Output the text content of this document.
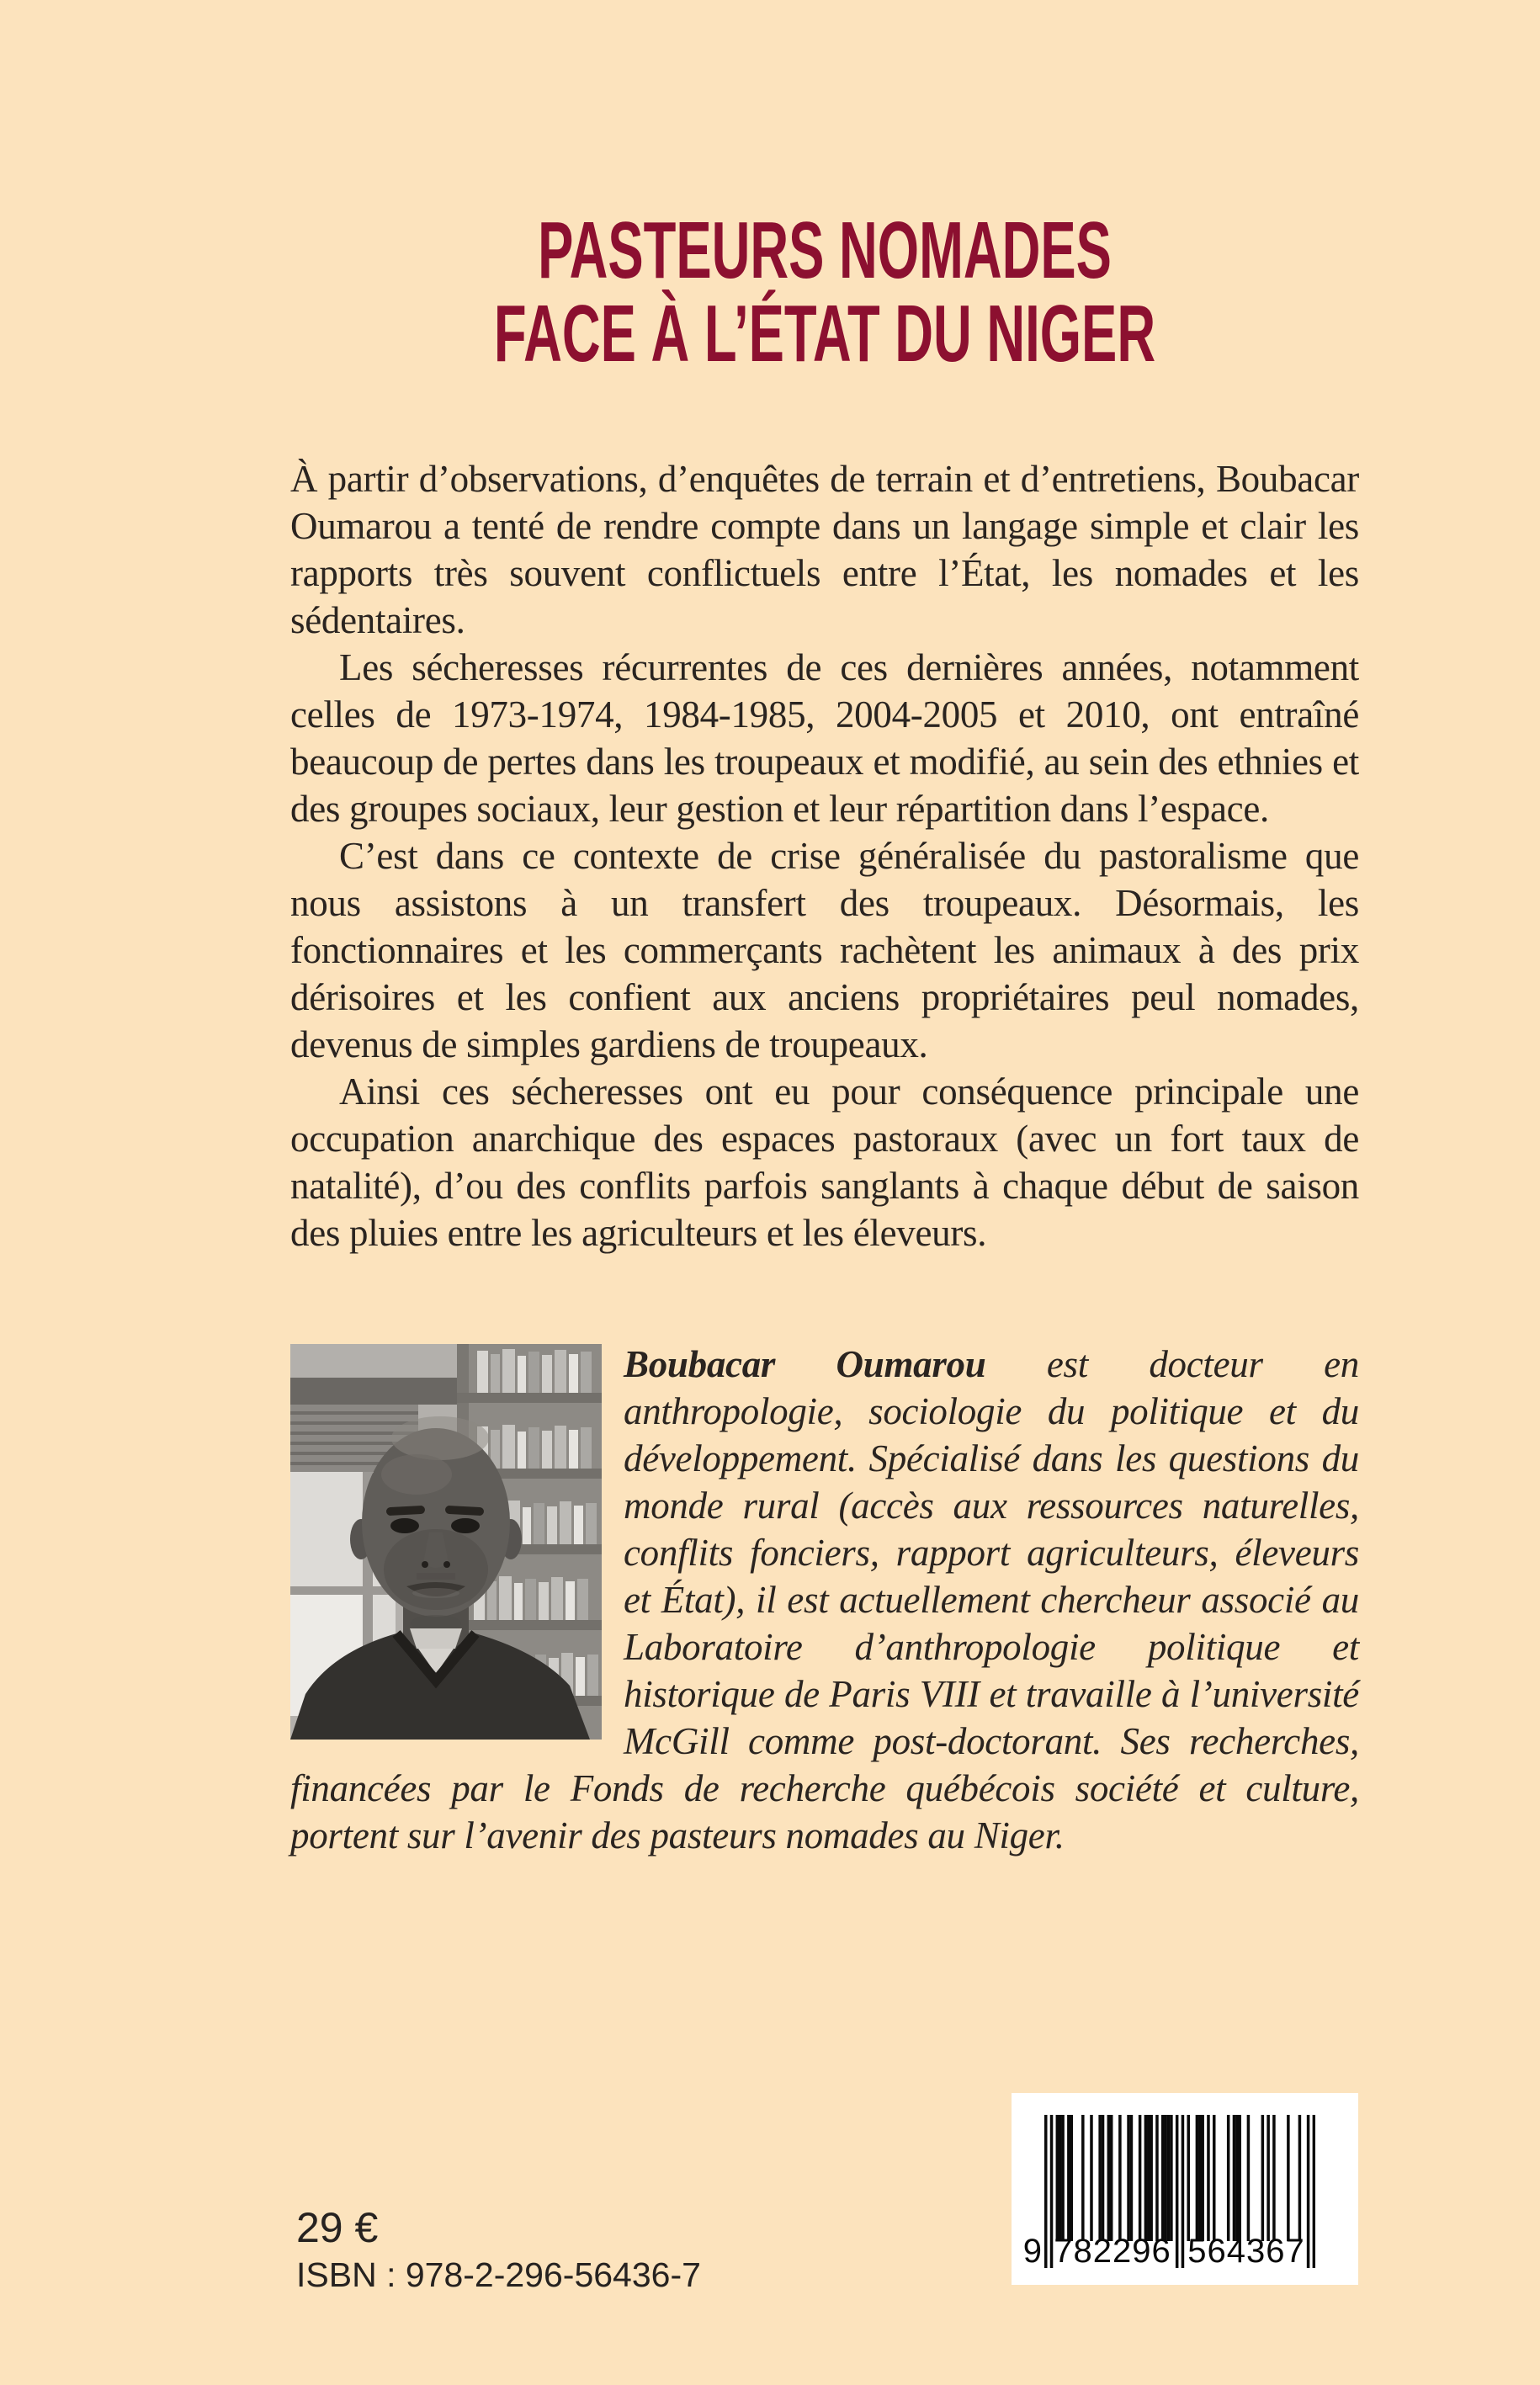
PASTEURS NOMADES
FACE À L’ÉTAT DU NIGER

À partir d’observations, d’enquêtes de terrain et d’entretiens, Boubacar Oumarou a tenté de rendre compte dans un langage simple et clair les rapports très souvent conflictuels entre l’État, les nomades et les sédentaires.

Les sécheresses récurrentes de ces dernières années, notamment celles de 1973-1974, 1984-1985, 2004-2005 et 2010, ont entraîné beaucoup de pertes dans les troupeaux et modifié, au sein des ethnies et des groupes sociaux, leur gestion et leur répartition dans l’espace.

C’est dans ce contexte de crise généralisée du pastoralisme que nous assistons à un transfert des troupeaux. Désormais, les fonctionnaires et les commerçants rachètent les animaux à des prix dérisoires et les confient aux anciens propriétaires peul nomades, devenus de simples gardiens de troupeaux.

Ainsi ces sécheresses ont eu pour conséquence principale une occupation anarchique des espaces pastoraux (avec un fort taux de natalité), d’ou des conflits parfois sanglants à chaque début de saison des pluies entre les agriculteurs et les éleveurs.

Boubacar Oumarou est docteur en anthropologie, sociologie du politique et du développement. Spécialisé dans les questions du monde rural (accès aux ressources naturelles, conflits fonciers, rapport agriculteurs, éleveurs et État), il est actuellement chercheur associé au Laboratoire d’anthropologie politique et historique de Paris VIII et travaille à l’université McGill comme post-doctorant. Ses recherches, financées par le Fonds de recherche québécois société et culture, portent sur l’avenir des pasteurs nomades au Niger.

29 €
ISBN : 978-2-296-56436-7
9 782296 564367
